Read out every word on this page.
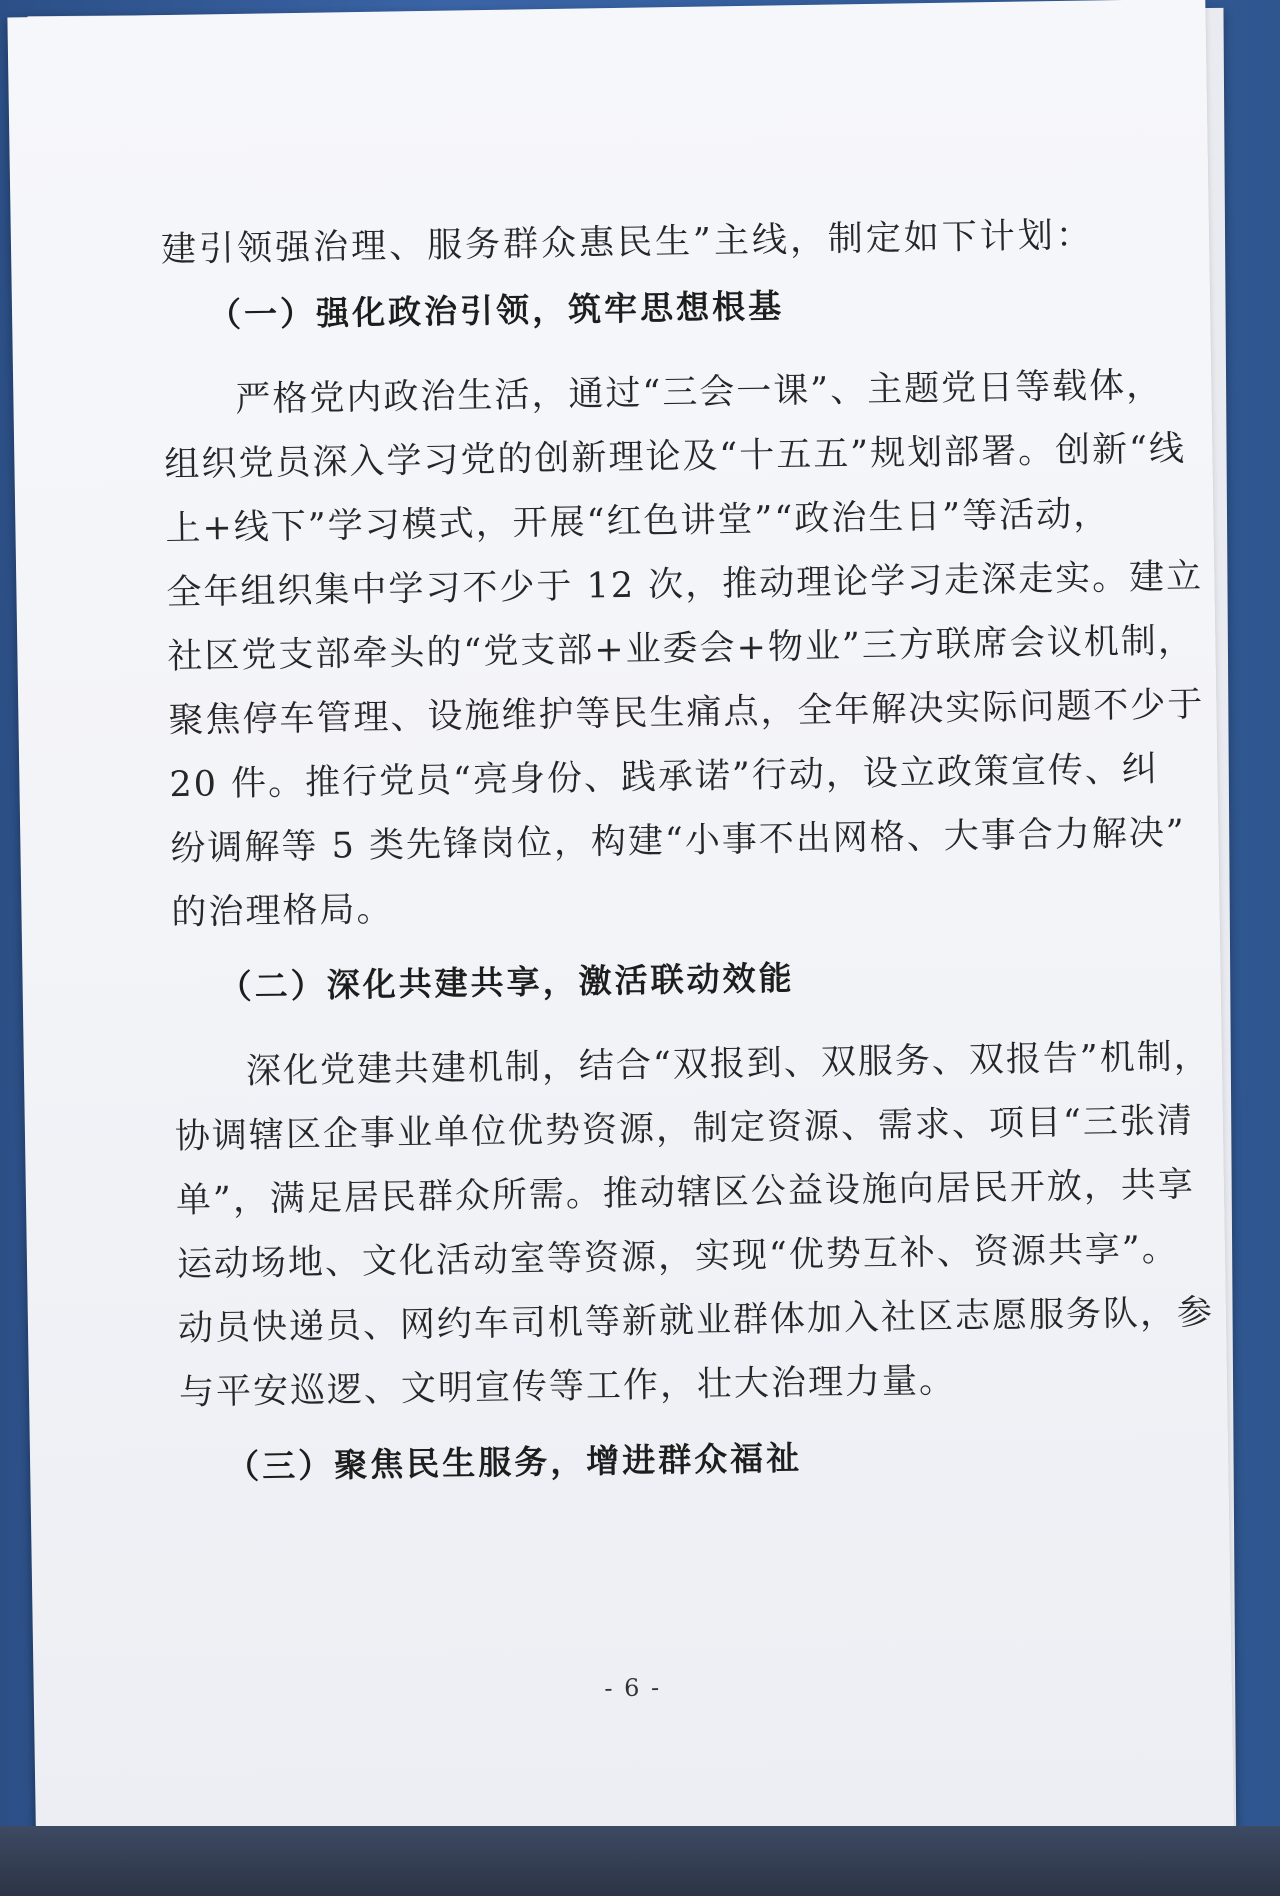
建引领强治理、服务群众惠民生”主线，制定如下计划：

（一）强化政治引领，筑牢思想根基

严格党内政治生活，通过“三会一课”、主题党日等载体，
组织党员深入学习党的创新理论及“十五五”规划部署。创新“线
上+线下”学习模式，开展“红色讲堂”“政治生日”等活动，
全年组织集中学习不少于 12 次，推动理论学习走深走实。建立
社区党支部牵头的“党支部+业委会+物业”三方联席会议机制，
聚焦停车管理、设施维护等民生痛点，全年解决实际问题不少于
20 件。推行党员“亮身份、践承诺”行动，设立政策宣传、纠
纷调解等 5 类先锋岗位，构建“小事不出网格、大事合力解决”
的治理格局。

（二）深化共建共享，激活联动效能

深化党建共建机制，结合“双报到、双服务、双报告”机制，
协调辖区企事业单位优势资源，制定资源、需求、项目“三张清
单”，满足居民群众所需。推动辖区公益设施向居民开放，共享
运动场地、文化活动室等资源，实现“优势互补、资源共享”。
动员快递员、网约车司机等新就业群体加入社区志愿服务队，参
与平安巡逻、文明宣传等工作，壮大治理力量。

（三）聚焦民生服务，增进群众福祉
- 6 -
